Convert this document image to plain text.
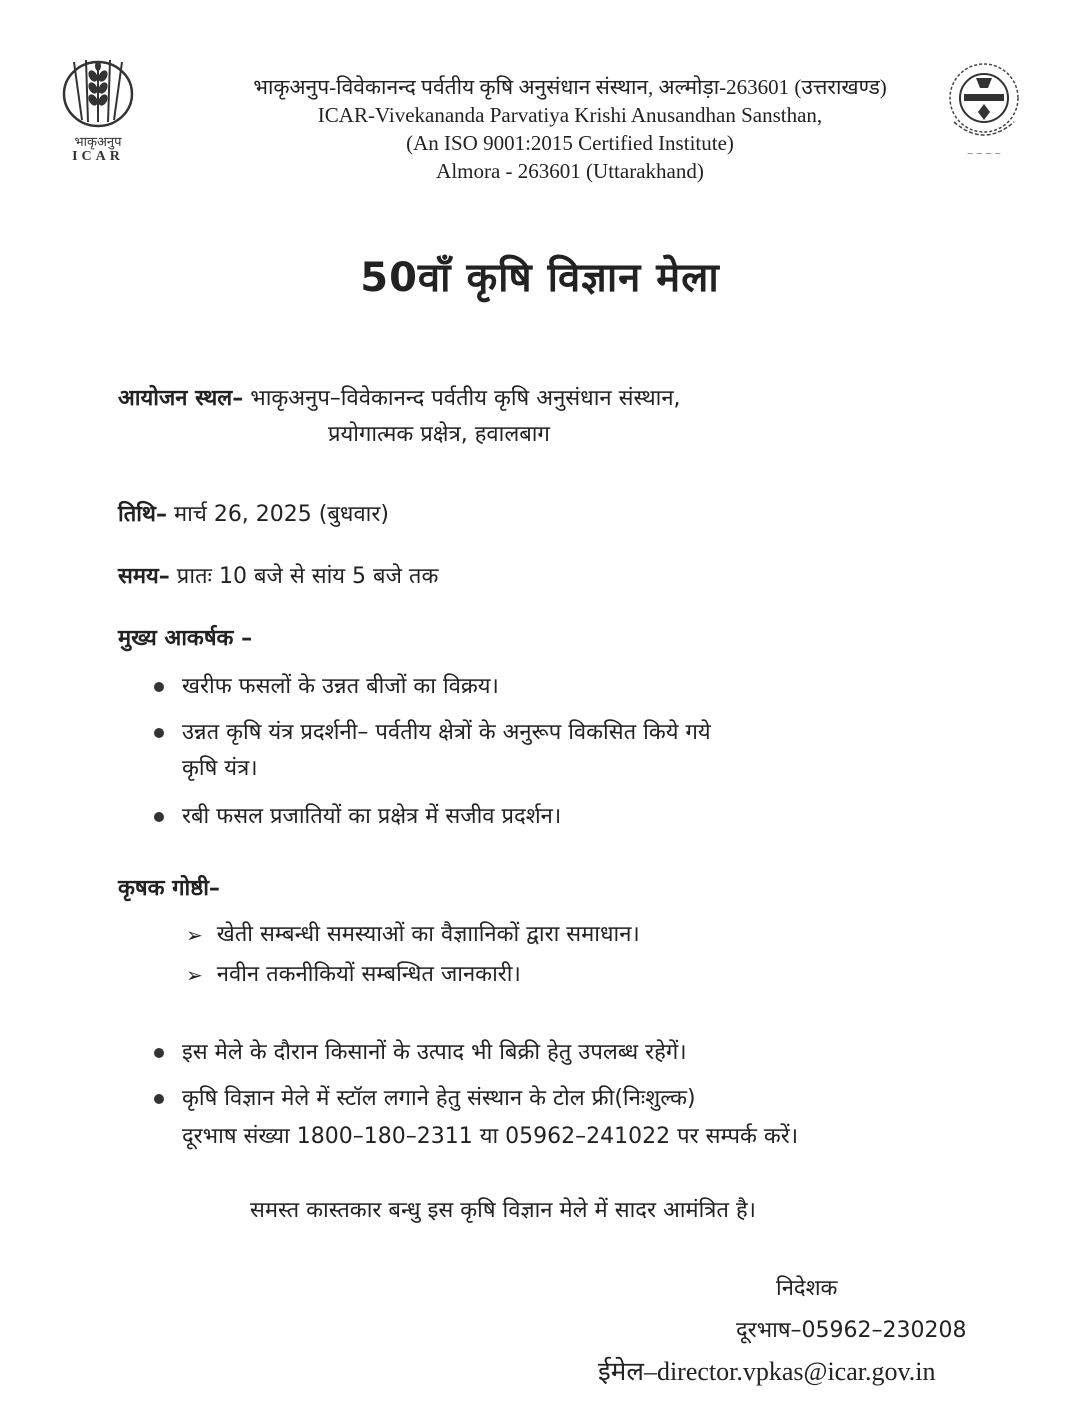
भाकृअनुप
ICAR
भाकृअनुप-विवेकानन्द पर्वतीय कृषि अनुसंधान संस्थान, अल्मोड़ा-263601 (उत्तराखण्ड)
ICAR-Vivekananda Parvatiya Krishi Anusandhan Sansthan,
(An ISO 9001:2015 Certified Institute)
Almora - 263601 (Uttarakhand)
~ ~ ~ ~
50वाँ कृषि विज्ञान मेला
आयोजन स्थल– भाकृअनुप–विवेकानन्द पर्वतीय कृषि अनुसंधान संस्थान,
प्रयोगात्मक प्रक्षेत्र, हवालबाग
तिथि– मार्च 26, 2025 (बुधवार)
समय– प्रातः 10 बजे से सांय 5 बजे तक
मुख्य आकर्षक –
खरीफ फसलों के उन्नत बीजों का विक्रय।
उन्नत कृषि यंत्र प्रदर्शनी– पर्वतीय क्षेत्रों के अनुरूप विकसित किये गये
कृषि यंत्र।
रबी फसल प्रजातियों का प्रक्षेत्र में सजीव प्रदर्शन।
कृषक गोष्ठी–
➢ खेती सम्बन्धी समस्याओं का वैज्ञाानिकों द्वारा समाधान।
➢ नवीन तकनीकियों सम्बन्धित जानकारी।
इस मेले के दौरान किसानों के उत्पाद भी बिक्री हेतु उपलब्ध रहेगें।
कृषि विज्ञान मेले में स्टॉल लगाने हेतु संस्थान के टोल फ्री(निःशुल्क)
दूरभाष संख्या 1800–180–2311 या 05962–241022 पर सम्पर्क करें।
समस्त कास्तकार बन्धु इस कृषि विज्ञान मेले में सादर आमंत्रित है।
निदेशक
दूरभाष–05962–230208
ईमेल–director.vpkas@icar.gov.in
